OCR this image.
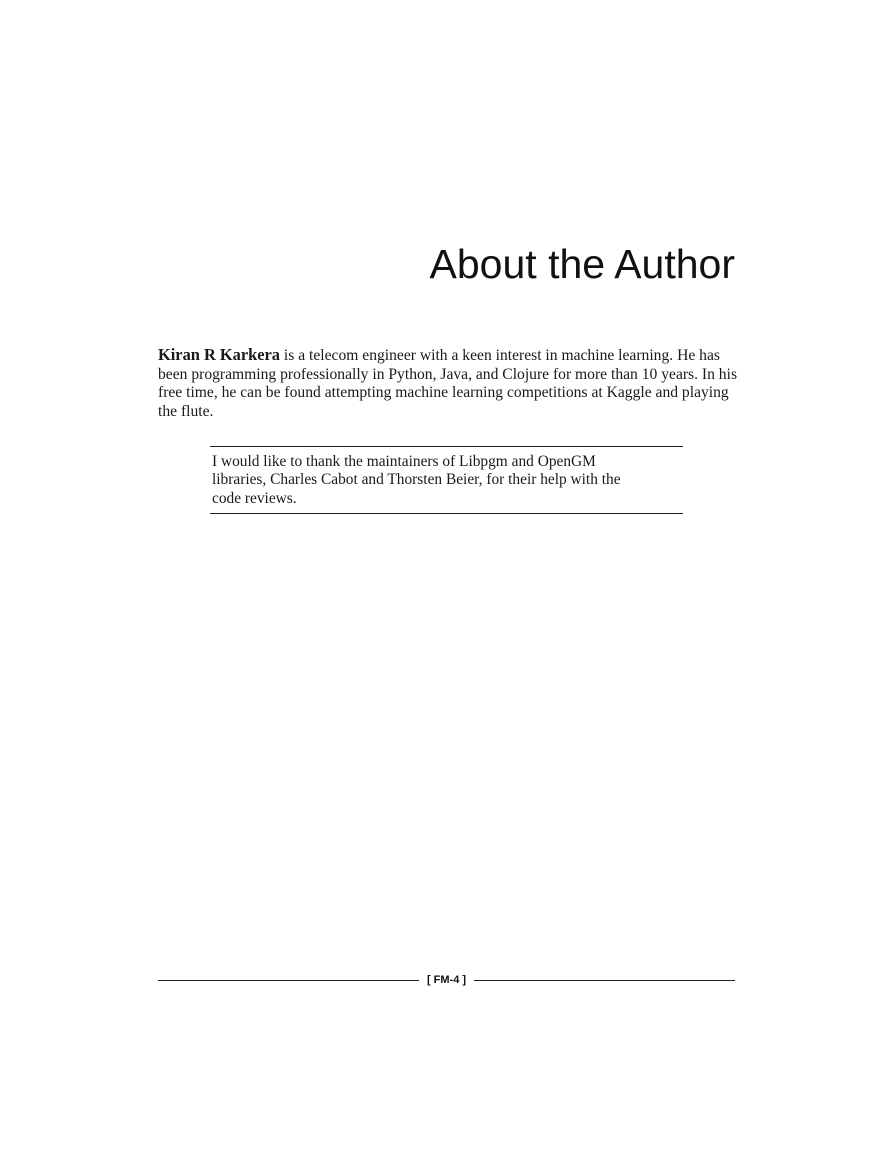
About the Author

Kiran R Karkera is a telecom engineer with a keen interest in machine learning. He has been programming professionally in Python, Java, and Clojure for more than 10 years. In his free time, he can be found attempting machine learning competitions at Kaggle and playing the flute.

I would like to thank the maintainers of Libpgm and OpenGM libraries, Charles Cabot and Thorsten Beier, for their help with the code reviews.

[ FM-4 ]
